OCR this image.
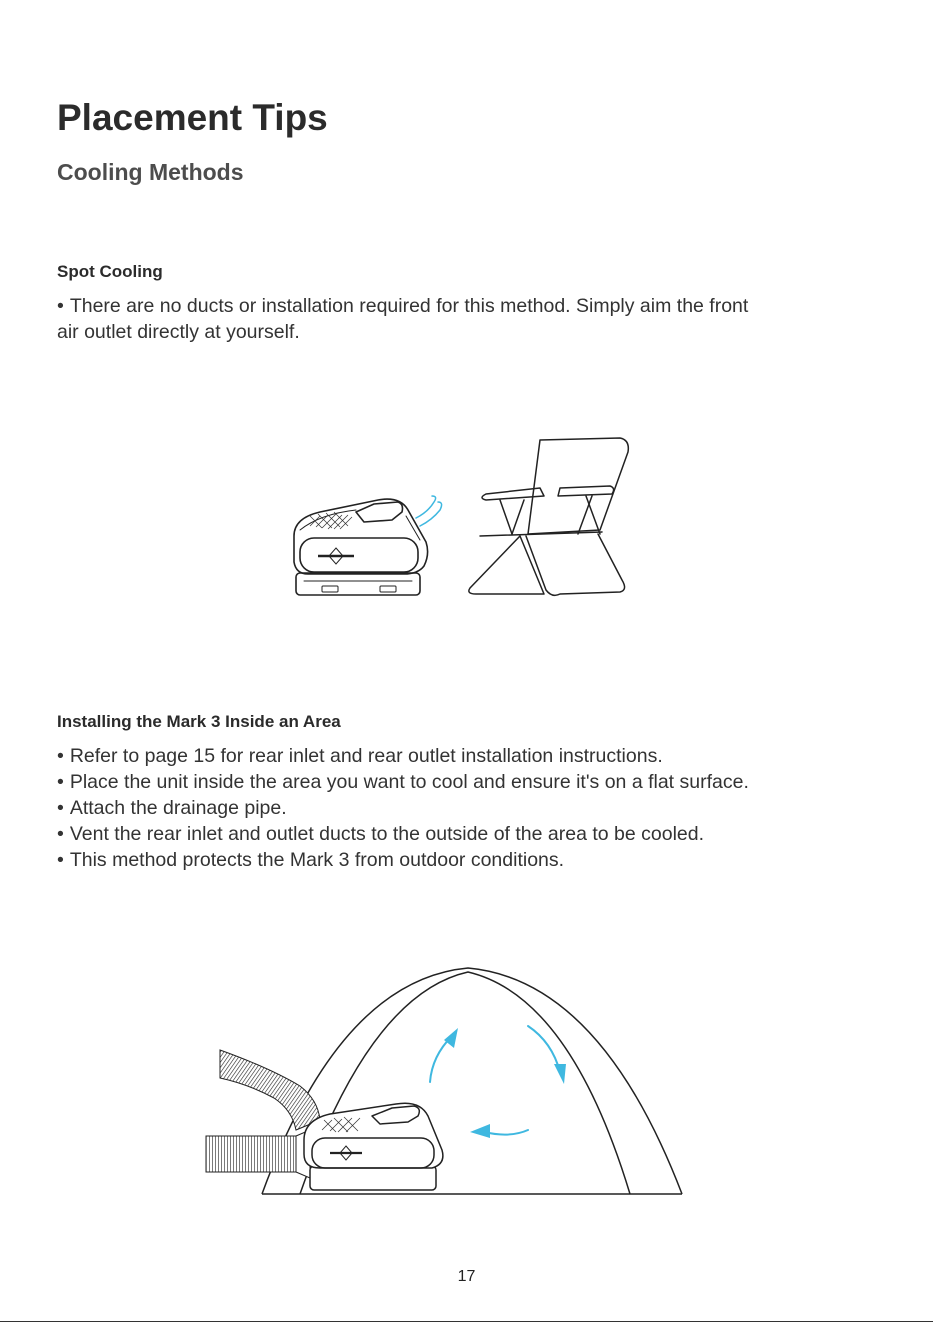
Placement Tips
Cooling Methods
Spot Cooling
• There are no ducts or installation required for this method. Simply aim the front
air outlet directly at yourself.
Installing the Mark 3 Inside an Area
• Refer to page 15 for rear inlet and rear outlet installation instructions.
• Place the unit inside the area you want to cool and ensure it's on a flat surface.
• Attach the drainage pipe.
• Vent the rear inlet and outlet ducts to the outside of the area to be cooled.
• This method protects the Mark 3 from outdoor conditions.
17
